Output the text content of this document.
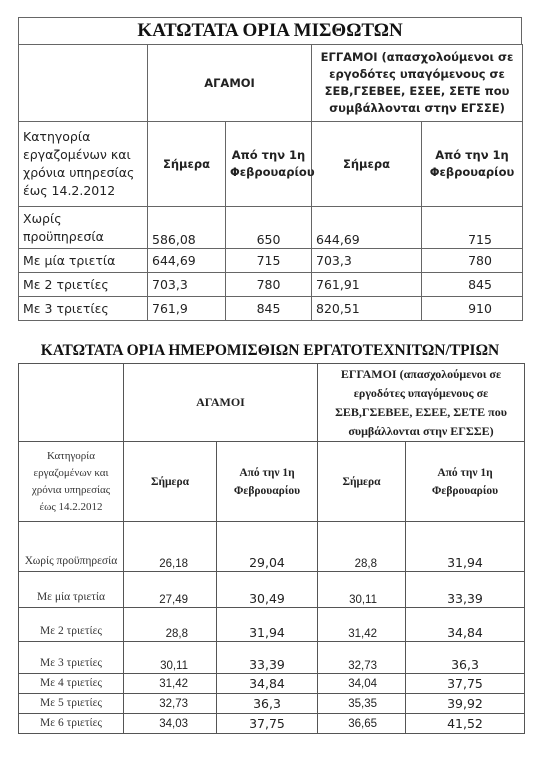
ΚΑΤΩΤΑΤΑ ΟΡΙΑ ΜΙΣΘΩΤΩΝ
	ΑΓΑΜΟΙ		ΕΓΓΑΜΟΙ (απασχολούμενοι σε εργοδότες υπαγόμενους σε ΣΕΒ,ΓΣΕΒΕΕ, ΕΣΕΕ, ΣΕΤΕ που συμβάλλονται στην ΕΓΣΣΕ)	
Κατηγορία εργαζομένων και χρόνια υπηρεσίας έως 14.2.2012	Σήμερα	Από την 1η Φεβρουαρίου	Σήμερα	Από την 1η Φεβρουαρίου
Χωρίς προϋπηρεσία	586,08	650	644,69	715
Με μία τριετία	644,69	715	703,3	780
Με 2 τριετίες	703,3	780	761,91	845
Με 3 τριετίες	761,9	845	820,51	910
ΚΑΤΩΤΑΤΑ ΟΡΙΑ ΗΜΕΡΟΜΙΣΘΙΩΝ ΕΡΓΑΤΟΤΕΧΝΙΤΩΝ/ΤΡΙΩΝ
	ΑΓΑΜΟΙ		ΕΓΓΑΜΟΙ (απασχολούμενοι σε εργοδότες υπαγόμενους σε ΣΕΒ,ΓΣΕΒΕΕ, ΕΣΕΕ, ΣΕΤΕ που συμβάλλονται στην ΕΓΣΣΕ)	
Κατηγορία εργαζομένων και χρόνια υπηρεσίας έως 14.2.2012	Σήμερα	Από την 1η Φεβρουαρίου	Σήμερα	Από την 1η Φεβρουαρίου
Χωρίς προϋπηρεσία	26,18	29,04	28,8	31,94
Με μία τριετία	27,49	30,49	30,11	33,39
Με 2 τριετίες	28,8	31,94	31,42	34,84
Με 3 τριετίες	30,11	33,39	32,73	36,3
Με 4 τριετίες	31,42	34,84	34,04	37,75
Με 5 τριετίες	32,73	36,3	35,35	39,92
Με 6 τριετίες	34,03	37,75	36,65	41,52
